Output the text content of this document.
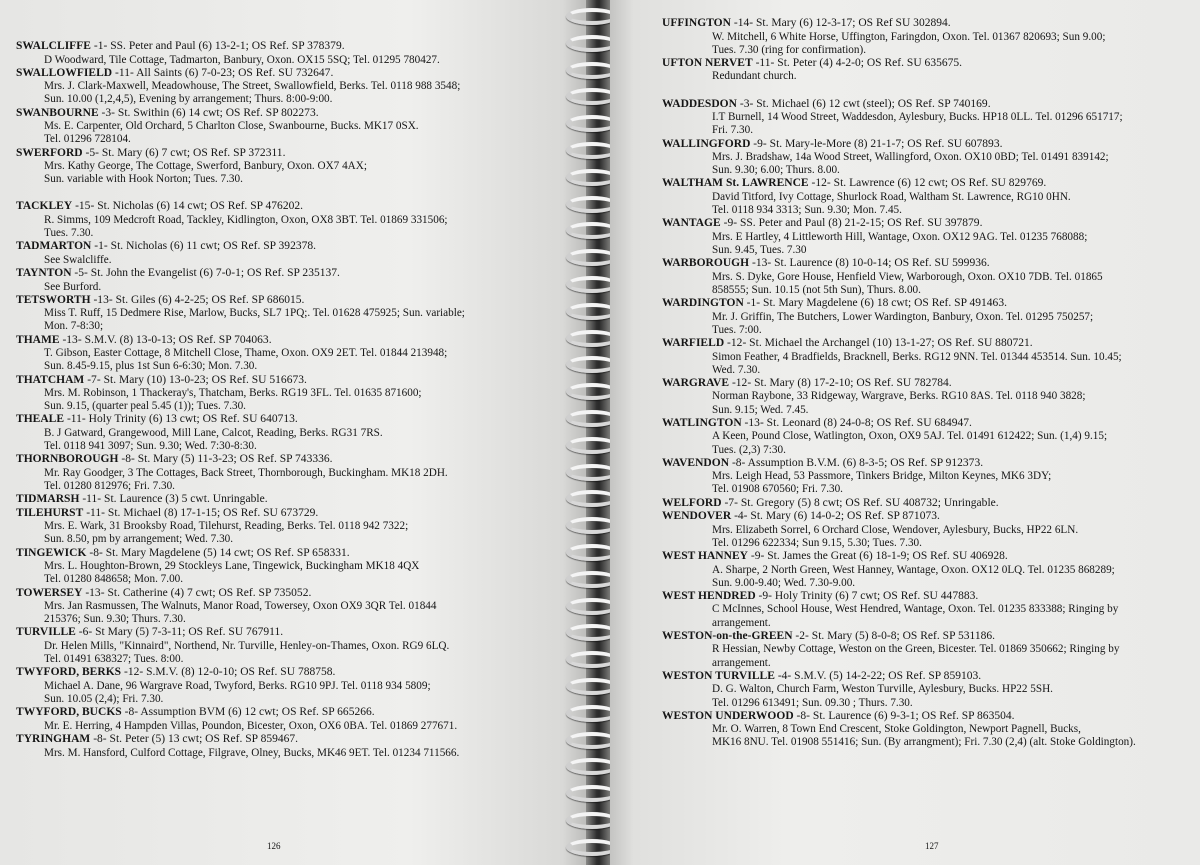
SWALCLIFFE -1- SS. Peter and Paul (6) 13-2-1; OS Ref. SP 378379.
D Woodward, Tile Cottage, Tadmarton, Banbury, Oxon. OX15 5SQ; Tel. 01295 780427.
SWALLOWFIELD -11- All Saints (6) 7-0-23; OS Ref. SU 732647.
Mrs. J. Clark-Maxwell, Meadowhouse, The Street, Swallowfield, Berks. Tel. 0118 988 3548;
Sun. 10.00 (1,2,4,5), Evening by arrangement; Thurs. 8:00-9:00.
SWANBOURNE -3- St. Swithin (6) 14 cwt; OS Ref. SP 802273.
Ms. E. Carpenter, Old Orchard, 5 Charlton Close, Swanbourne, Bucks. MK17 0SX.
Tel. 01296 728104.
SWERFORD -5- St. Mary (6) 7 cwt; OS Ref. SP 372311.
Mrs. Kathy George, The Cottage, Swerford, Banbury, Oxon. OX7 4AX;
Sun. variable with Hook Norton; Tues. 7.30.
TACKLEY -15- St. Nicholas (6) 14 cwt; OS Ref. SP 476202.
R. Simms, 109 Medcroft Road, Tackley, Kidlington, Oxon, OX8 3BT. Tel. 01869 331506;
Tues. 7.30.
TADMARTON -1- St. Nicholas (6) 11 cwt; OS Ref. SP 392378.
See Swalcliffe.
TAYNTON -5- St. John the Evangelist (6) 7-0-1; OS Ref. SP 235137.
See Burford.
TETSWORTH -13- St. Giles (6) 4-2-25; OS Ref. SP 686015.
Miss T. Ruff, 15 Dedmere Rise, Marlow, Bucks, SL7 1PQ;. Tel. 01628 475925; Sun. variable;
Mon. 7-8:30;
THAME -13- S.M.V. (8) 13-0-13; OS Ref. SP 704063.
T. Gibson, Easter Cottage, 8 Mitchell Close, Thame, Oxon. OX9 2ET. Tel. 01844 213948;
Sun. 8.45-9.15, plus 1st Sun 6-6:30; Mon. 7.30.
THATCHAM -7- St. Mary (10) 13-0-23; OS Ref. SU 516673.
Mrs. M. Robinson, 1 Thackeray's, Thatcham, Berks. RG19 3FL. Tel. 01635 871600;
Sun. 9.15, (quarter peal 5.45 (1)); Tues. 7.30.
THEALE -11- Holy Trinity (6) 13 cwt; OS Ref. SU 640713.
B. J Gatward, Grangewood, Mill Lane, Calcot, Reading, Berks. RG31 7RS.
Tel. 0118 941 3097; Sun. 9.30; Wed. 7:30-8:30.
THORNBOROUGH -8- St. Mary (5) 11-3-23; OS Ref. SP 743336.
Mr. Ray Goodger, 3 The Cottages, Back Street, Thornborough, Buckingham. MK18 2DH.
Tel. 01280 812976; Fri. 7.30.
TIDMARSH -11- St. Laurence (3) 5 cwt. Unringable.
TILEHURST -11- St. Michael (8) 17-1-15; OS Ref. SU 673729.
Mrs. E. Wark, 31 Brooksby Road, Tilehurst, Reading, Berks. Tel. 0118 942 7322;
Sun. 8.50, pm by arrangement; Wed. 7.30.
TINGEWICK -8- St. Mary Magdelene (5) 14 cwt; OS Ref. SP 658331.
Mrs. L. Houghton-Brown, 29 Stockleys Lane, Tingewick, Buckingham MK18 4QX
Tel. 01280 848658; Mon. 7.00.
TOWERSEY -13- St. Catherine (4) 7 cwt; OS Ref. SP 735052.
Mrs. Jan Rasmussen, The Walnuts, Manor Road, Towersey, Oxon OX9 3QR Tel. 01844
215376; Sun. 9.30; Thurs. 7.30.
TURVILLE -6- St Mary (5) 7-3-11; OS Ref. SU 767911.
Dr. Helen Mills, "Kinnaird", Northend, Nr. Turville, Henley-on-Thames, Oxon. RG9 6LQ.
Tel. 01491 638327; Tues. 8:00.
TWYFORD, BERKS -12- S.M.V. (8) 12-0-10; OS Ref. SU 788758.
Michael A. Dane, 96 Wargrave Road, Twyford, Berks. RG10 9PJ. Tel. 0118 934 5809;
Sun. 10.05 (2,4); Fri. 7.30.
TWYFORD, BUCKS -8- Assumption BVM (6) 12 cwt; OS Ref. SP 665266.
Mr. E. Herring, 4 Hampden Villas, Poundon, Bicester, Oxon, OX6 0BA. Tel. 01869 277671.
TYRINGHAM -8- St. Peter (5) 13 cwt; OS Ref. SP 859467.
Mrs. M. Hansford, Culford Cottage, Filgrave, Olney, Bucks, MK46 9ET. Tel. 01234 711566.
126
UFFINGTON -14- St. Mary (6) 12-3-17; OS Ref SU 302894.
W. Mitchell, 6 White Horse, Uffington, Faringdon, Oxon. Tel. 01367 820693; Sun 9.00;
Tues. 7.30 (ring for confirmation).
UFTON NERVET -11- St. Peter (4) 4-2-0; OS Ref. SU 635675.
Redundant church.
WADDESDON -3- St. Michael (6) 12 cwt (steel); OS Ref. SP 740169.
I.T Burnell, 14 Wood Street, Waddesdon, Aylesbury, Bucks. HP18 0LL. Tel. 01296 651717;
Fri. 7.30.
WALLINGFORD -9- St. Mary-le-More (8) 21-1-7; OS Ref. SU 607893.
Mrs. J. Bradshaw, 14a Wood Street, Wallingford, Oxon. OX10 0BD; Tel. 01491 839142;
Sun. 9.30; 6.00; Thurs. 8.00.
WALTHAM St. LAWRENCE -12- St. Lawrence (6) 12 cwt; OS Ref. SU 829769.
David Titford, Ivy Cottage, Shurlock Road, Waltham St. Lawrence, RG10 0HN.
Tel. 0118 934 3313; Sun. 9.30; Mon. 7.45.
WANTAGE -9- SS. Peter and Paul (8) 21-2-15; OS Ref. SU 397879.
Mrs. E Hartley, 4 Littleworth Hill, Wantage, Oxon. OX12 9AG. Tel. 01235 768088;
Sun. 9.45, Tues. 7.30
WARBOROUGH -13- St. Laurence (8) 10-0-14; OS Ref. SU 599936.
Mrs. S. Dyke, Gore House, Henfield View, Warborough, Oxon. OX10 7DB. Tel. 01865
858555; Sun. 10.15 (not 5th Sun), Thurs. 8.00.
WARDINGTON -1- St. Mary Magdelene (6) 18 cwt; OS Ref. SP 491463.
Mr. J. Griffin, The Butchers, Lower Wardington, Banbury, Oxon. Tel. 01295 750257;
Tues. 7:00.
WARFIELD -12- St. Michael the Archangel (10) 13-1-27; OS Ref. SU 880721.
Simon Feather, 4 Bradfields, Bracknell, Berks. RG12 9NN. Tel. 01344 453514. Sun. 10.45;
Wed. 7.30.
WARGRAVE -12- St. Mary (8) 17-2-10; OS Ref. SU 782784.
Norman Raybone, 33 Ridgeway, Wargrave, Berks. RG10 8AS. Tel. 0118 940 3828;
Sun. 9.15; Wed. 7.45.
WATLINGTON -13- St. Leonard (8) 24-0-8; OS Ref. SU 684947.
A Keen, Pound Close, Watlington, Oxon, OX9 5AJ. Tel. 01491 612422; Sun. (1,4) 9.15;
Tues. (2,3) 7:30.
WAVENDON -8- Assumption B.V.M. (6) 8-3-5; OS Ref. SP 912373.
Mrs. Leigh Head, 53 Passmore, Tinkers Bridge, Milton Keynes, MK6 3DY;
Tel. 01908 670560; Fri. 7.30.
WELFORD -7- St. Gregory (5) 8 cwt; OS Ref. SU 408732; Unringable.
WENDOVER -4- St. Mary (6) 14-0-2; OS Ref. SP 871073.
Mrs. Elizabeth Sorrel, 6 Orchard Close, Wendover, Aylesbury, Bucks, HP22 6LN.
Tel. 01296 622334; Sun 9.15, 5.30; Tues. 7.30.
WEST HANNEY -9- St. James the Great (6) 18-1-9; OS Ref. SU 406928.
A. Sharpe, 2 North Green, West Hanney, Wantage, Oxon. OX12 0LQ. Tel. 01235 868289;
Sun. 9.00-9.40; Wed. 7.30-9.00.
WEST HENDRED -9- Holy Trinity (6) 7 cwt; OS Ref. SU 447883.
C McInnes, School House, West Hendred, Wantage, Oxon. Tel. 01235 833388; Ringing by
arrangement.
WESTON-on-the-GREEN -2- St. Mary (5) 8-0-8; OS Ref. SP 531186.
R Hessian, Newby Cottage, Weston on the Green, Bicester. Tel. 01869 350662; Ringing by
arrangement.
WESTON TURVILLE -4- S.M.V. (5) 14-2-22; OS Ref. SP 859103.
D. G. Walton, Church Farm, Weston Turville, Aylesbury, Bucks. HP22 5SH.
Tel. 01296 613491; Sun. 09.30 ; Thurs. 7.30.
WESTON UNDERWOOD -8- St. Laurence (6) 9-3-1; OS Ref. SP 863504.
Mr. O. Warren, 8 Town End Crescent, Stoke Goldington, Newport Pagnell, Bucks,
MK16 8NU. Tel. 01908 551416; Sun. (By arrangment); Fri. 7.30 (2,4) (alt. Stoke Goldington).
127
